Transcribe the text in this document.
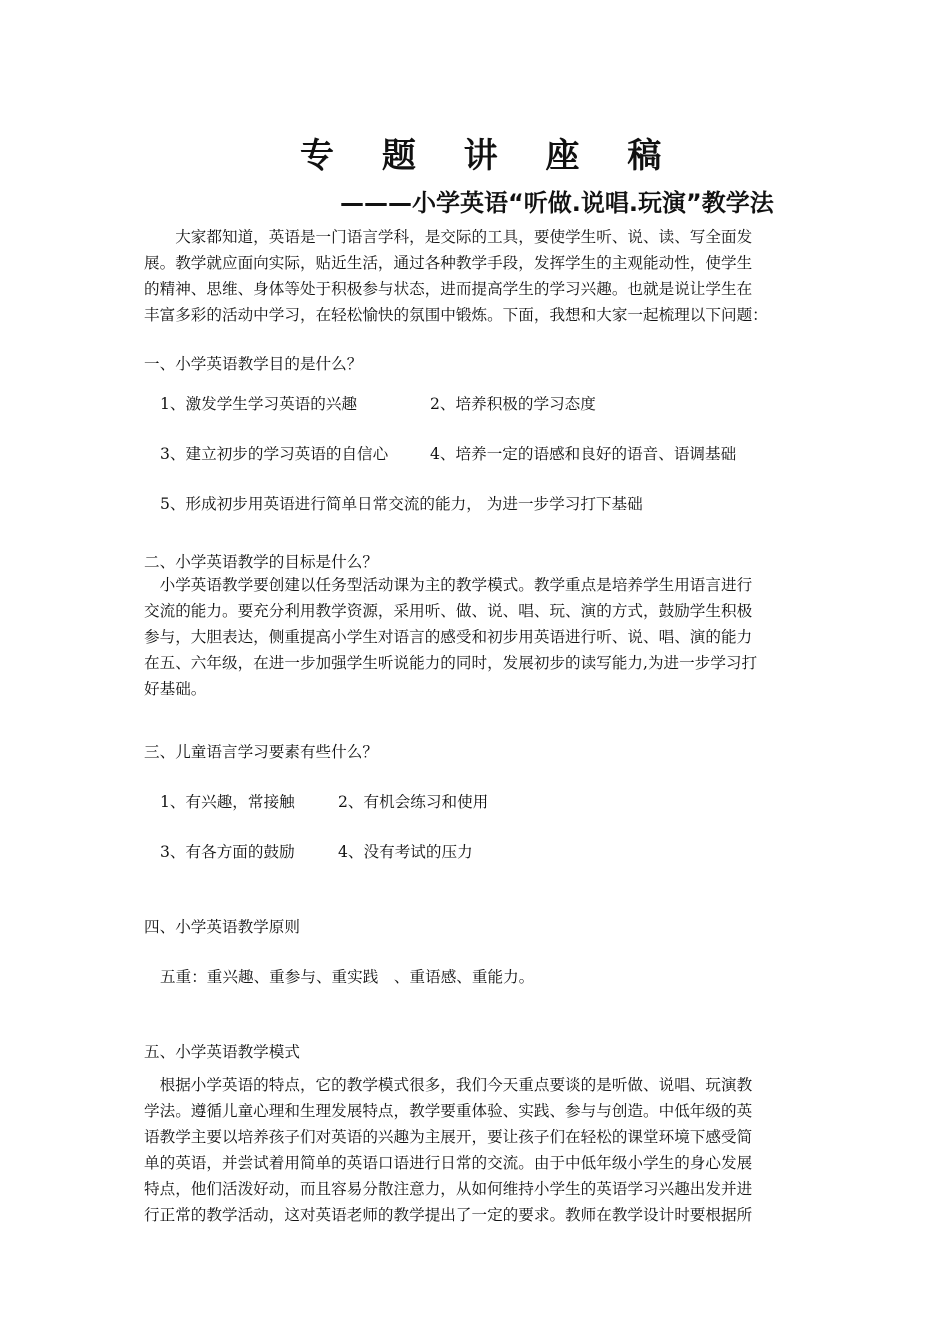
专 题 讲 座 稿
———小学英语“听做.说唱.玩演”教学法
　　大家都知道，英语是一门语言学科，是交际的工具，要使学生听、说、读、写全面发
展。教学就应面向实际，贴近生活，通过各种教学手段，发挥学生的主观能动性，使学生
的精神、思维、身体等处于积极参与状态，进而提高学生的学习兴趣。也就是说让学生在
丰富多彩的活动中学习，在轻松愉快的氛围中锻炼。下面，我想和大家一起梳理以下问题：
一、小学英语教学目的是什么？
1、激发学生学习英语的兴趣	2、培养积极的学习态度
3、建立初步的学习英语的自信心	4、培养一定的语感和良好的语音、语调基础
5、形成初步用英语进行简单日常交流的能力， 为进一步学习打下基础
二、小学英语教学的目标是什么？
　小学英语教学要创建以任务型活动课为主的教学模式。教学重点是培养学生用语言进行
交流的能力。要充分利用教学资源，采用听、做、说、唱、玩、演的方式，鼓励学生积极
参与，大胆表达，侧重提高小学生对语言的感受和初步用英语进行听、说、唱、演的能力
在五、六年级，在进一步加强学生听说能力的同时，发展初步的读写能力,为进一步学习打
好基础。
三、儿童语言学习要素有些什么？
1、有兴趣，常接触	2、有机会练习和使用
3、有各方面的鼓励	4、没有考试的压力
四、小学英语教学原则
五重：重兴趣、重参与、重实践　、重语感、重能力。
五、小学英语教学模式
　根据小学英语的特点，它的教学模式很多，我们今天重点要谈的是听做、说唱、玩演教
学法。遵循儿童心理和生理发展特点，教学要重体验、实践、参与与创造。中低年级的英
语教学主要以培养孩子们对英语的兴趣为主展开，要让孩子们在轻松的课堂环境下感受简
单的英语，并尝试着用简单的英语口语进行日常的交流。由于中低年级小学生的身心发展
特点，他们活泼好动，而且容易分散注意力，从如何维持小学生的英语学习兴趣出发并进
行正常的教学活动，这对英语老师的教学提出了一定的要求。教师在教学设计时要根据所
